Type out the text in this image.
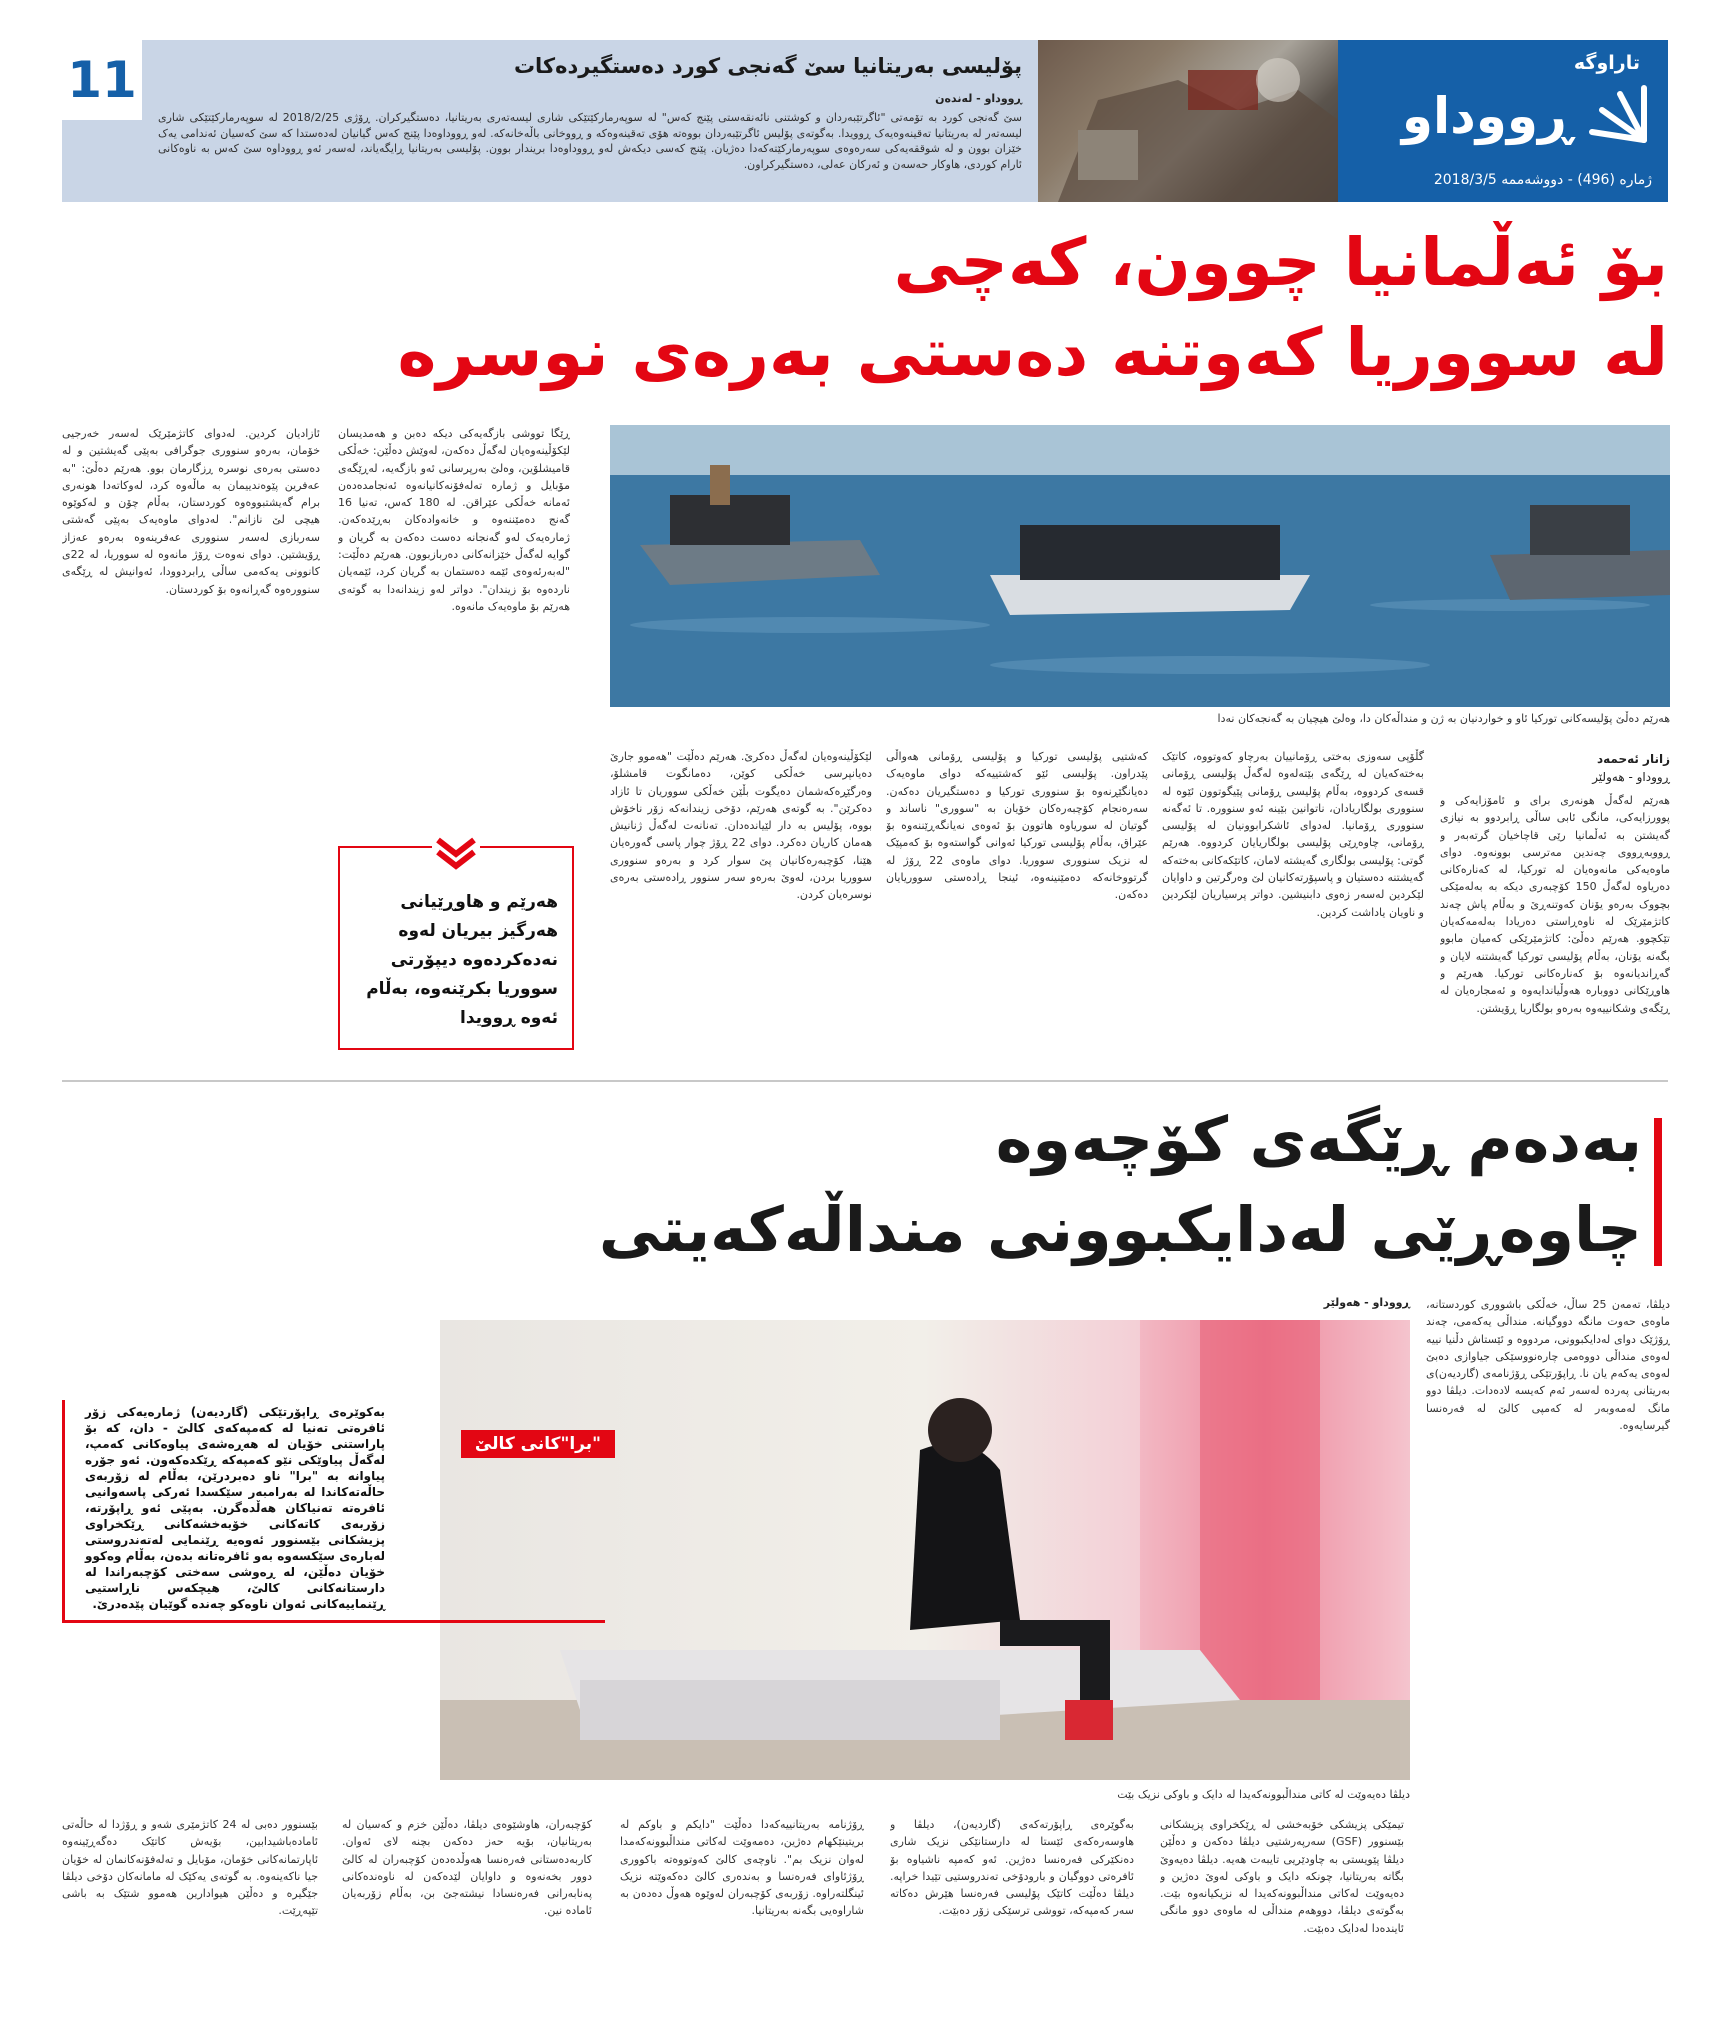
11	پۆلیسی بەریتانیا سێ گەنجی کورد دەستگیردەکات
ڕووداو - لەندەن
سێ گەنجی کورد بە تۆمەتی "ئاگرتێبەردان و کوشتنی نائەنقەستی پێنج کەس" لە سوپەرمارکێتێکی شاری لیسەتەری بەریتانیا، دەستگیرکران. ڕۆژی 2018/2/25 لە سوپەرمارکێتێکی شاری لیسەتەر لە بەریتانیا تەقینەوەیەک ڕوویدا. بەگوتەی پۆلیس ئاگرتێبەردان بووەتە هۆی تەقینەوەکە و ڕووخانی باڵەخانەکە. لەو ڕووداوەدا پێنج کەس گیانیان لەدەستدا کە سێ کەسیان ئەندامی یەک خێزان بوون و لە شوققەیەکی سەرەوەی سوپەرمارکێتەکەدا دەژیان. پێنج کەسی دیکەش لەو ڕووداوەدا بریندار بوون. پۆلیسی بەریتانیا ڕایگەیاند، لەسەر ئەو ڕووداوە سێ کەس بە ناوەکانی ئارام کوردی، هاوکار حەسەن و ئەرکان عەلی، دەستگیرکراون.
تاراوگە
ڕووداو
ژمارە (496) - دووشەممە 2018/3/5
بۆ ئەڵمانیا چوون، کەچی
لە سووریا کەوتنە دەستی بەرەی نوسرە
هەرێم دەڵێ پۆلیسەکانی تورکیا ئاو و خواردنیان بە ژن و منداڵەکان دا، وەلێ هیچیان بە گەنجەکان نەدا
زانار ئەحمەد
ڕووداو - هەولێر
هەرێم لەگەڵ هونەری برای و ئامۆزایەکی و پوورزایەکی، مانگی ئابی ساڵی ڕابردوو بە نیازی گەیشتن بە ئەڵمانیا رێی قاچاخیان گرتەبەر و ڕووبەڕووی چەندین مەترسی بوونەوە. دوای ماوەیەکی مانەوەیان لە تورکیا، لە کەنارەکانی دەریاوە لەگەڵ 150 کۆچبەری دیکە بە بەلەمێکی بچووک بەرەو یۆنان کەوتنەڕێ و بەڵام پاش چەند کاتژمێرێک لە ناوەڕاستی دەریادا بەلەمەکەیان تێکچوو. هەرێم دەڵێ: کاتژمێرێکی کەمیان مابوو بگەنە یۆنان، بەڵام پۆلیسی تورکیا گەیشتنە لایان و گەڕاندیانەوە بۆ کەنارەکانی تورکیا. هەرێم و هاوڕێکانی دووبارە هەوڵیاندایەوە و ئەمجارەیان لە ڕێگەی وشکانییەوە بەرەو بولگاریا ڕۆیشتن.
گڵۆپی سەوزی بەختی ڕۆمانییان بەرچاو کەوتووە، کاتێک بەختەکەیان لە ڕێگەی بێتەلەوە لەگەڵ پۆلیسی ڕۆمانی قسەی کردووە، بەڵام پۆلیسی ڕۆمانی پێیگوتوون ئێوە لە سنووری بولگاریادان، ناتوانین بێینە ئەو سنوورە. تا ئەگەنە سنووری ڕۆمانیا. لەدوای ئاشکرابوونیان لە پۆلیسی ڕۆمانی، چاوەڕێی پۆلیسی بولگاریایان کردووە. هەرێم گوتی: پۆلیسی بولگاری گەیشتە لامان، کاتێکەکانی بەختەکە گەیشتنە دەستیان و پاسپۆرتەکانیان لێ وەرگرتین و داوایان لێکردین لەسەر زەوی دابنیشین. دواتر پرسیاریان لێکردین و ناویان یاداشت کردین.
کەشتیی پۆلیسی تورکیا و پۆلیسی ڕۆمانی هەواڵی پێدراون. پۆلیسی ئێو کەشتییەکە دوای ماوەیەک دەیانگێڕنەوە بۆ سنووری تورکیا و دەستگیریان دەکەن. سەرەنجام کۆچبەرەکان خۆیان بە "سووری" ناساند و گوتیان لە سوریاوە هاتوون بۆ ئەوەی نەیانگەڕێننەوە بۆ عێراق، بەڵام پۆلیسی تورکیا ئەوانی گواستەوە بۆ کەمپێک لە نزیک سنووری سووریا. دوای ماوەی 22 ڕۆژ لە گرتووخانەکە دەمێنینەوە، ئینجا ڕادەستی سووریایان دەکەن.
لێکۆڵینەوەیان لەگەڵ دەکرێ. هەرێم دەڵێت "هەموو جارێ دەیانپرسی خەڵکی کوێن، دەمانگوت قامشلۆ، وەرگێڕەکەشمان دەیگوت بڵێن خەڵکی سووریان تا ئازاد دەکرێن". بە گوتەی هەرێم، دۆخی زیندانەکە زۆر ناخۆش بووە، پۆلیس بە دار لێیاندەدان. تەنانەت لەگەڵ ژنانیش هەمان کاریان دەکرد. دوای 22 ڕۆژ چوار پاسی گەورەیان هێنا، کۆچبەرەکانیان پێ سوار کرد و بەرەو سنووری سووریا بردن، لەوێ بەرەو سەر سنوور ڕادەستی بەرەی نوسرەیان کردن.
ڕێگا تووشی بازگەیەکی دیکە دەبن و هەمدیسان لێکۆڵینەوەیان لەگەڵ دەکەن، لەوێش دەڵێن: خەڵکی قامیشلۆین، وەلێ بەرپرسانی ئەو بازگەیە، لەڕێگەی مۆبایل و ژمارە تەلەفۆنەکانیانەوە ئەنجامدەدەن ئەمانە خەڵکی عێراقن. لە 180 کەس، تەنیا 16 گەنج دەمێننەوە و خانەوادەکان بەڕێدەکەن. ژمارەیەک لەو گەنجانە دەست دەکەن بە گریان و گوایە لەگەڵ خێزانەکانی دەربازبوون. هەرێم دەڵێت: "لەبەرئەوەی ئێمە دەستمان بە گریان کرد، ئێمەیان ناردەوە بۆ زیندان". دواتر لەو زیندانەدا بە گوتەی هەرێم بۆ ماوەیەک مانەوە.
هەرێم و هاوڕێیانی هەرگیز بیریان لەوە نەدەکردەوە دیپۆرتی سووریا بکرێنەوە، بەڵام ئەوە ڕوویدا
ئازادیان کردین. لەدوای کاتژمێرێک لەسەر خەرجیی خۆمان، بەرەو سنووری جوگرافی بەپێی گەیشتین و لە دەستی بەرەی نوسرە ڕزگارمان بوو. هەرێم دەڵێ: "بە عەفرین پێوەندییمان بە ماڵەوە کرد، لەوکاتەدا هونەری برام گەیشتبووەوە کوردستان، بەڵام چۆن و لەکوێوە هیچی لێ نازانم". لەدوای ماوەیەک بەپێی گەشتی سەربازی لەسەر سنووری عەفرینەوە بەرەو عەزاز ڕۆیشتین. دوای نەوەت ڕۆژ مانەوە لە سووریا، لە 22ی کانوونی یەکەمی ساڵی ڕابردوودا، ئەوانیش لە ڕێگەی سنوورەوە گەڕانەوە بۆ کوردستان.
بەدەم ڕێگەی کۆچەوە
چاوەڕێی لەدایکبوونی منداڵەکەیتی
ڕووداو - هەولێر
دیلڤا دەیەوێت لە کاتی منداڵبوونەکەیدا لە دایک و باوکی نزیک بێت
"برا"کانی کالێ
بەکوێرەی ڕاپۆرتێکی (گاردیەن) ژمارەیەکی زۆر ئافرەتی تەنیا لە کەمپەکەی کالێ - دان، کە بۆ پاراستنی خۆیان لە هەڕەشەی پیاوەکانی کەمپ، لەگەڵ پیاوێکی نێو کەمپەکە ڕێکدەکەون. ئەو جۆرە پیاوانە بە "برا" ناو دەبردرێن، بەڵام لە زۆربەی حاڵەتەکاندا لە بەرامبەر سێکسدا ئەرکی پاسەوانیی ئافرەتە تەنیاکان هەڵدەگرن. بەپێی ئەو ڕاپۆرتە، زۆربەی کاتەکانی خۆبەخشەکانی ڕێکخراوی پزیشکانی بێسنوور ئەوەیە ڕێنمایی لەتەندروستی لەبارەی سێکسەوە بەو ئافرەتانە بدەن، بەڵام وەکوو خۆیان دەڵێن، لە ڕەوشی سەختی کۆچبەراندا لە دارستانەکانی کالێ، هیچکەس ناڕاستیی ڕێنماییەکانی ئەوان ناوەکو چەندە گوێیان پێدەدرێ.
دیلڤا، تەمەن 25 ساڵ، خەڵکی باشووری کوردستانە، ماوەی حەوت مانگە دووگیانە. منداڵی یەکەمی، چەند ڕۆژێک دوای لەدایکبوونی، مردووە و ئێستاش دڵنیا نییە لەوەی منداڵی دووەمی چارەنووسێکی جیاوازی دەبێ لەوەی یەکەم یان نا. ڕاپۆرتێکی ڕۆژنامەی (گاردیەن)ی بەریتانی پەردە لەسەر ئەم کەیسە لادەدات. دیلڤا دوو مانگ لەمەوبەر لە کەمپی کالێ لە فەرەنسا گیرسایەوە.
تیمێکی پزیشکی خۆبەخشی لە ڕێکخراوی پزیشکانی بێسنوور (GSF) سەرپەرشتیی دیلڤا دەکەن و دەڵێن دیلڤا پێویستی بە چاودێریی تایبەت هەیە. دیلڤا دەیەوێ بگاتە بەریتانیا، چونکە دایک و باوکی لەوێ دەژین و دەیەوێت لەکاتی منداڵبوونەکەیدا لە نزیکیانەوە بێت. بەگوتەی دیلڤا، دووهەم منداڵی لە ماوەی دوو مانگی ئایندەدا لەدایک دەبێت.
بەگوێرەی ڕاپۆرتەکەی (گاردیەن)، دیلڤا و هاوسەرەکەی ئێستا لە دارستانێکی نزیک شاری دەنکێرکی فەرەنسا دەژین. ئەو کەمپە ناشیاوە بۆ ئافرەتی دووگیان و بارودۆخی تەندروستیی تێیدا خراپە. دیلڤا دەڵێت کاتێک پۆلیسی فەرەنسا هێرش دەکاتە سەر کەمپەکە، تووشی ترسێکی زۆر دەبێت.
ڕۆژنامە بەریتانییەکەدا دەڵێت "دایکم و باوکم لە بریتینێکهام دەژین، دەمەوێت لەکاتی منداڵبوونەکەمدا لەوان نزیک بم". ناوچەی کالێ کەوتووەتە باکووری ڕۆژئاوای فەرەنسا و بەندەری کالێ دەکەوێتە نزیک ئینگلتەراوە. زۆربەی کۆچبەران لەوێوە هەوڵ دەدەن بە شاراوەیی بگەنە بەریتانیا.
کۆچبەران، هاوشێوەی دیلڤا، دەڵێن خزم و کەسیان لە بەریتانیان، بۆیە حەز دەکەن بچنە لای ئەوان. کاربەدەستانی فەرەنسا هەوڵدەدەن کۆچبەران لە کالێ دوور بخەنەوە و داوایان لێدەکەن لە ناوەندەکانی پەنابەرانی فەرەنسادا نیشتەجێ بن، بەڵام زۆربەیان ئامادە نین.
بێسنوور دەبی لە 24 کاتژمێری شەو و ڕۆژدا لە حاڵەتی ئامادەباشیدابین، بۆیەش کاتێک دەگەڕێینەوە ئاپارتمانەکانی خۆمان، مۆبایل و تەلەفۆنەکانمان لە خۆیان جیا ناکەینەوە. بە گوتەی یەکێک لە مامانەکان دۆخی دیلڤا جێگیرە و دەڵێن هیوادارین هەموو شتێک بە باشی تێپەڕێت.
